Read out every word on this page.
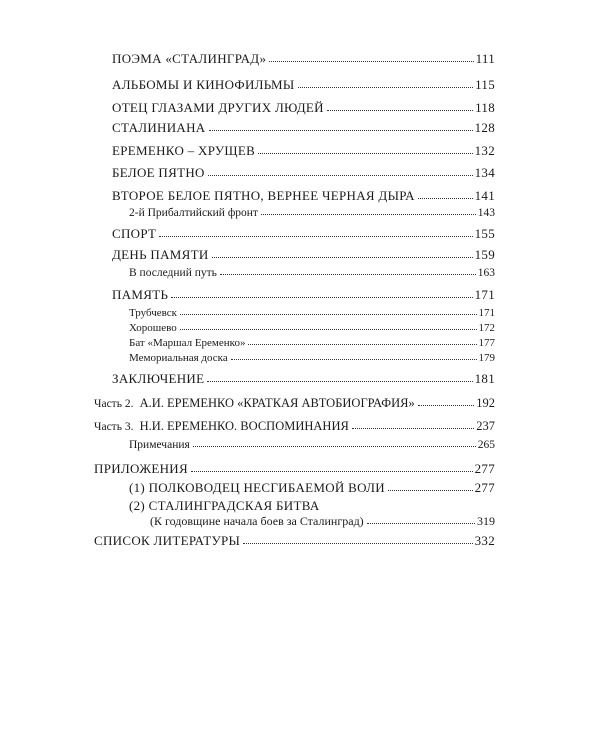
ПОЭМА «СТАЛИНГРАД»	111
АЛЬБОМЫ И КИНОФИЛЬМЫ	115
ОТЕЦ ГЛАЗАМИ ДРУГИХ ЛЮДЕЙ	118
СТАЛИНИАНА	128
ЕРЕМЕНКО – ХРУЩЕВ	132
БЕЛОЕ ПЯТНО	134
ВТОРОЕ БЕЛОЕ ПЯТНО, ВЕРНЕЕ ЧЕРНАЯ ДЫРА	141
2-й Прибалтийский фронт	143
СПОРТ	155
ДЕНЬ ПАМЯТИ	159
В последний путь	163
ПАМЯТЬ	171
Трубчевск	171
Хорошево	172
Бат «Маршал Еременко»	177
Мемориальная доска	179
ЗАКЛЮЧЕНИЕ	181
Часть 2. А.И. ЕРЕМЕНКО «КРАТКАЯ АВТОБИОГРАФИЯ»	192
Часть 3. Н.И. ЕРЕМЕНКО. ВОСПОМИНАНИЯ	237
Примечания	265
ПРИЛОЖЕНИЯ	277
(1) ПОЛКОВОДЕЦ НЕСГИБАЕМОЙ ВОЛИ	277
(2) СТАЛИНГРАДСКАЯ БИТВА
(К годовщине начала боев за Сталинград)	319
СПИСОК ЛИТЕРАТУРЫ	332
